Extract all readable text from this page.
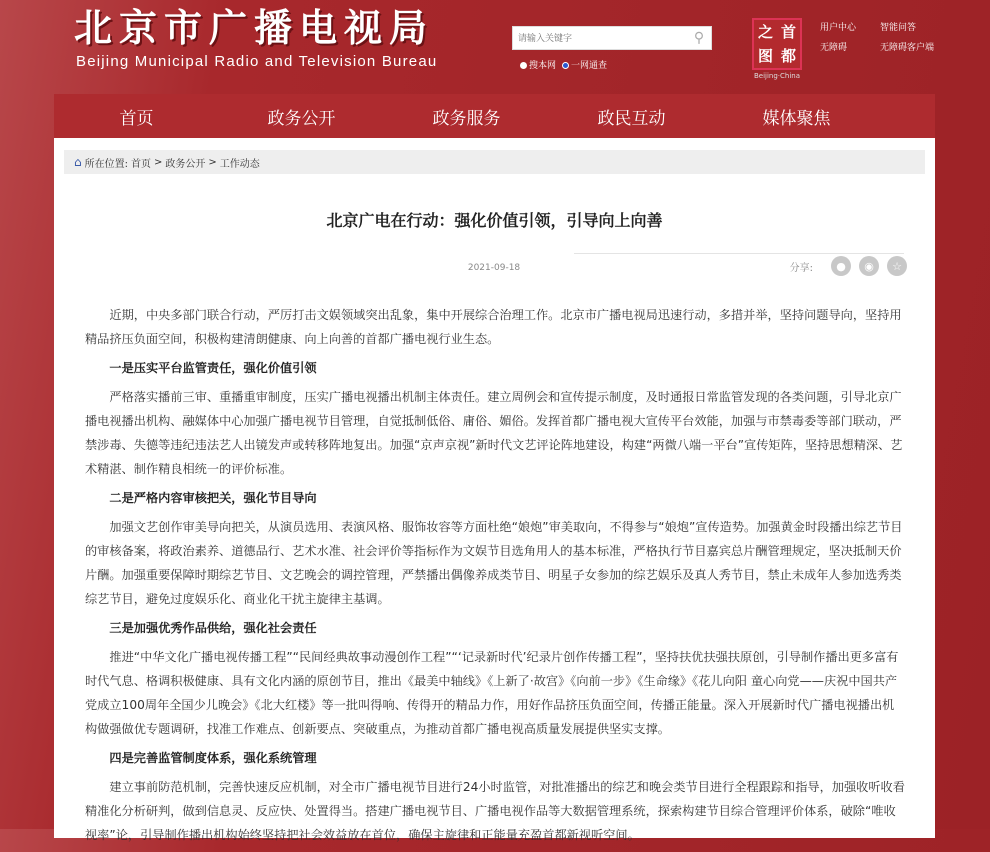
北京市广播电视局
Beijing Municipal Radio and Television Bureau
请输入关键字
⚲
搜本网	一网通查
之 首
图 都
Beijing·China
用户中心	智能问答
无障碍	无障碍客户端
首页	政务公开	政务服务	政民互动	媒体聚焦
⌂ 所在位置: 首页 > 政务公开 > 工作动态
北京广电在行动：强化价值引领，引导向上向善
2021-09-18	分享:	●	◉	☆

近期，中央多部门联合行动，严厉打击文娱领域突出乱象，集中开展综合治理工作。北京市广播电视局迅速行动，多措并举，坚持问题导向，坚持用精品挤压负面空间，积极构建清朗健康、向上向善的首都广播电视行业生态。

一是压实平台监管责任，强化价值引领

严格落实播前三审、重播重审制度，压实广播电视播出机制主体责任。建立周例会和宣传提示制度，及时通报日常监管发现的各类问题，引导北京广播电视播出机构、融媒体中心加强广播电视节目管理，自觉抵制低俗、庸俗、媚俗。发挥首都广播电视大宣传平台效能，加强与市禁毒委等部门联动，严禁涉毒、失德等违纪违法艺人出镜发声或转移阵地复出。加强“京声京视”新时代文艺评论阵地建设，构建“两微八端一平台”宣传矩阵，坚持思想精深、艺术精湛、制作精良相统一的评价标准。

二是严格内容审核把关，强化节目导向

加强文艺创作审美导向把关，从演员选用、表演风格、服饰妆容等方面杜绝“娘炮”审美取向，不得参与“娘炮”宣传造势。加强黄金时段播出综艺节目的审核备案，将政治素养、道德品行、艺术水准、社会评价等指标作为文娱节目选角用人的基本标准，严格执行节目嘉宾总片酬管理规定，坚决抵制天价片酬。加强重要保障时期综艺节目、文艺晚会的调控管理，严禁播出偶像养成类节目、明星子女参加的综艺娱乐及真人秀节目，禁止未成年人参加选秀类综艺节目，避免过度娱乐化、商业化干扰主旋律主基调。

三是加强优秀作品供给，强化社会责任

推进“中华文化广播电视传播工程”“民间经典故事动漫创作工程”“‘记录新时代’纪录片创作传播工程”，坚持扶优扶强扶原创，引导制作播出更多富有时代气息、格调积极健康、具有文化内涵的原创节目，推出《最美中轴线》《上新了·故宫》《向前一步》《生命缘》《花儿向阳 童心向党——庆祝中国共产党成立100周年全国少儿晚会》《北大红楼》等一批叫得响、传得开的精品力作，用好作品挤压负面空间，传播正能量。深入开展新时代广播电视播出机构做强做优专题调研，找准工作难点、创新要点、突破重点，为推动首都广播电视高质量发展提供坚实支撑。

四是完善监管制度体系，强化系统管理

建立事前防范机制，完善快速反应机制，对全市广播电视节目进行24小时监管，对批准播出的综艺和晚会类节目进行全程跟踪和指导，加强收听收看精准化分析研判，做到信息灵、反应快、处置得当。搭建广播电视节目、广播电视作品等大数据管理系统，探索构建节目综合管理评价体系，破除“唯收视率”论，引导制作播出机构始终坚持把社会效益放在首位，确保主旋律和正能量充盈首都新视听空间。
